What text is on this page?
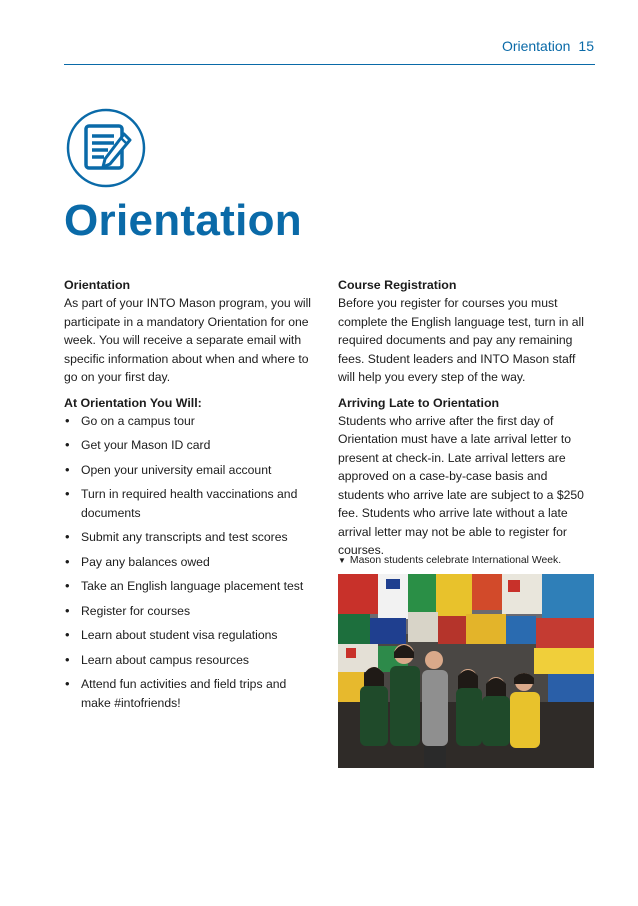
Orientation 15
Orientation
Orientation

As part of your INTO Mason program, you will participate in a mandatory Orientation for one week. You will receive a separate email with specific information about when and where to go on your first day.

At Orientation You Will:
• Go on a campus tour
• Get your Mason ID card
• Open your university email account
• Turn in required health vaccinations and documents
• Submit any transcripts and test scores
• Pay any balances owed
• Take an English language placement test
• Register for courses
• Learn about student visa regulations
• Learn about campus resources
• Attend fun activities and field trips and make #intofriends!
Course Registration

Before you register for courses you must complete the English language test, turn in all required documents and pay any remaining fees. Student leaders and INTO Mason staff will help you every step of the way.

Arriving Late to Orientation

Students who arrive after the first day of Orientation must have a late arrival letter to present at check-in. Late arrival letters are approved on a case-by-case basis and students who arrive late are subject to a $250 fee. Students who arrive late without a late arrival letter may not be able to register for courses.

▼ Mason students celebrate International Week.
